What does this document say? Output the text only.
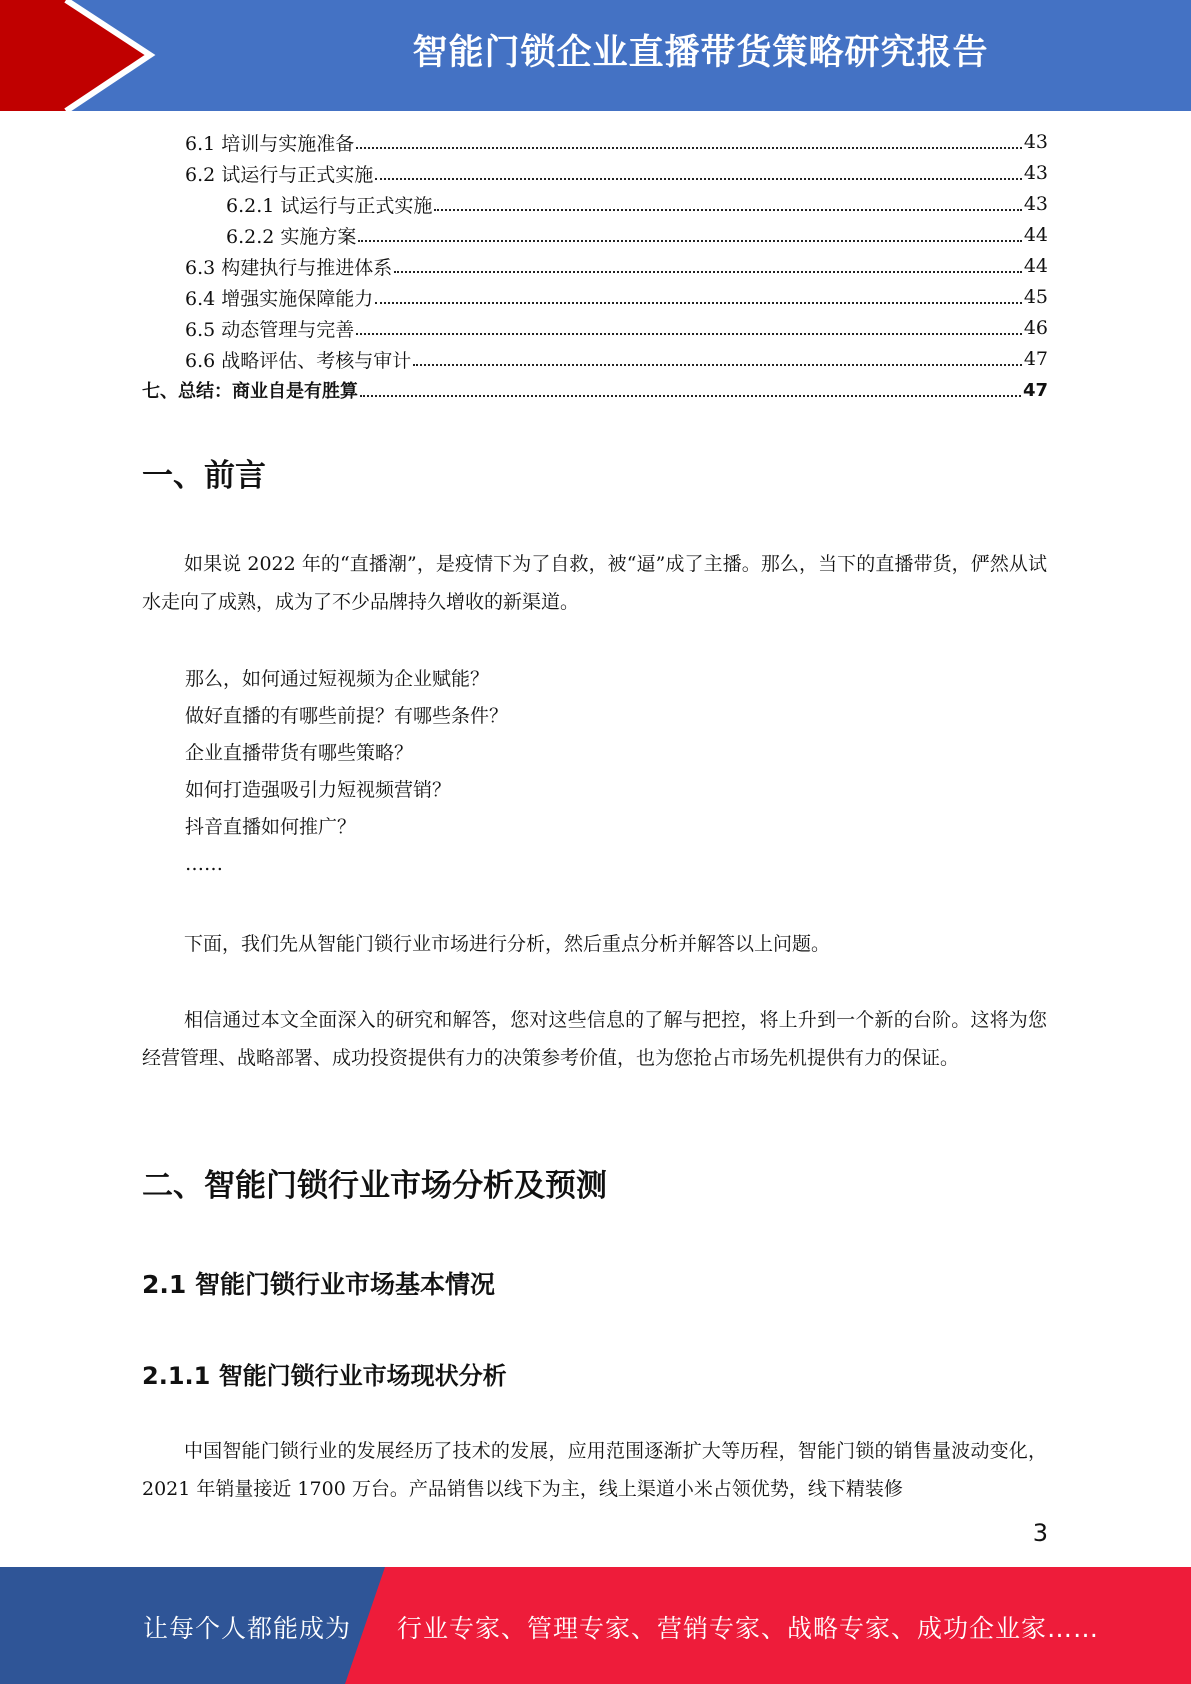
智能门锁企业直播带货策略研究报告
6.1 培训与实施准备	43
6.2 试运行与正式实施	43
6.2.1 试运行与正式实施	43
6.2.2 实施方案	44
6.3 构建执行与推进体系	44
6.4 增强实施保障能力	45
6.5 动态管理与完善	46
6.6 战略评估、考核与审计	47
七、总结：商业自是有胜算	47
一、前言
如果说 2022 年的“直播潮”，是疫情下为了自救，被“逼”成了主播。那么，当下的直播带货，俨然从试水走向了成熟，成为了不少品牌持久增收的新渠道。
那么，如何通过短视频为企业赋能？
做好直播的有哪些前提？有哪些条件？
企业直播带货有哪些策略？
如何打造强吸引力短视频营销？
抖音直播如何推广？
……
下面，我们先从智能门锁行业市场进行分析，然后重点分析并解答以上问题。
相信通过本文全面深入的研究和解答，您对这些信息的了解与把控，将上升到一个新的台阶。这将为您经营管理、战略部署、成功投资提供有力的决策参考价值，也为您抢占市场先机提供有力的保证。
二、智能门锁行业市场分析及预测
2.1 智能门锁行业市场基本情况
2.1.1 智能门锁行业市场现状分析
中国智能门锁行业的发展经历了技术的发展，应用范围逐渐扩大等历程，智能门锁的销售量波动变化，2021 年销量接近 1700 万台。产品销售以线下为主，线上渠道小米占领优势，线下精装修
3
让每个人都能成为 行业专家、管理专家、营销专家、战略专家、成功企业家……
